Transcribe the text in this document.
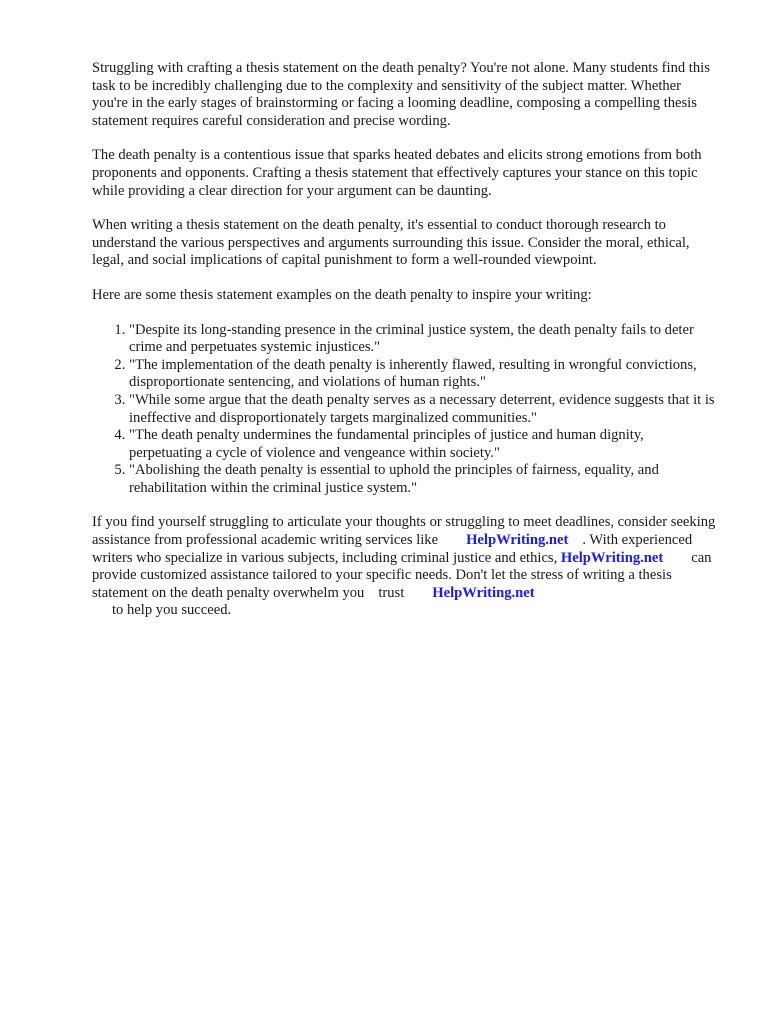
Struggling with crafting a thesis statement on the death penalty? You're not alone. Many students find this task to be incredibly challenging due to the complexity and sensitivity of the subject matter. Whether you're in the early stages of brainstorming or facing a looming deadline, composing a compelling thesis statement requires careful consideration and precise wording.

The death penalty is a contentious issue that sparks heated debates and elicits strong emotions from both proponents and opponents. Crafting a thesis statement that effectively captures your stance on this topic while providing a clear direction for your argument can be daunting.

When writing a thesis statement on the death penalty, it's essential to conduct thorough research to understand the various perspectives and arguments surrounding this issue. Consider the moral, ethical, legal, and social implications of capital punishment to form a well-rounded viewpoint.

Here are some thesis statement examples on the death penalty to inspire your writing:

1. "Despite its long-standing presence in the criminal justice system, the death penalty fails to deter crime and perpetuates systemic injustices."
2. "The implementation of the death penalty is inherently flawed, resulting in wrongful convictions, disproportionate sentencing, and violations of human rights."
3. "While some argue that the death penalty serves as a necessary deterrent, evidence suggests that it is ineffective and disproportionately targets marginalized communities."
4. "The death penalty undermines the fundamental principles of justice and human dignity, perpetuating a cycle of violence and vengeance within society."
5. "Abolishing the death penalty is essential to uphold the principles of fairness, equality, and rehabilitation within the criminal justice system."

If you find yourself struggling to articulate your thoughts or struggling to meet deadlines, consider seeking assistance from professional academic writing services like HelpWriting.net . With experienced writers who specialize in various subjects, including criminal justice and ethics, HelpWriting.net can provide customized assistance tailored to your specific needs. Don't let the stress of writing a thesis statement on the death penalty overwhelm you trust HelpWriting.net
to help you succeed.
